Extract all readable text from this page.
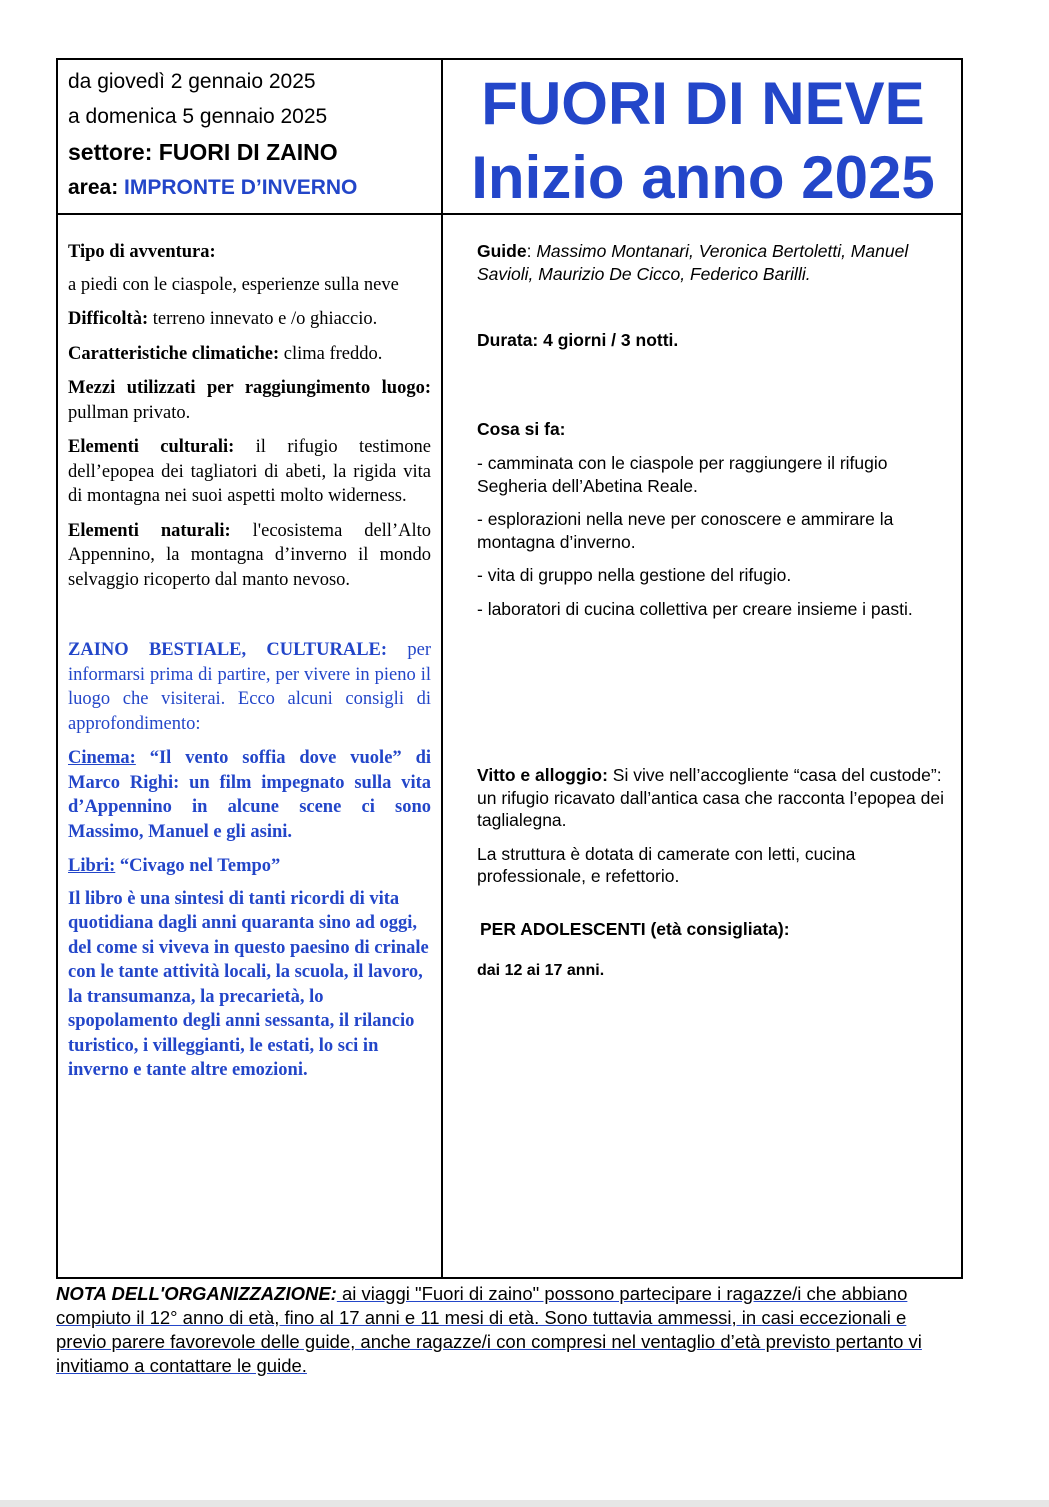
da giovedì 2 gennaio 2025
a domenica 5 gennaio 2025
settore: FUORI DI ZAINO
area: IMPRONTE D’INVERNO
FUORI DI NEVE
Inizio anno 2025

Tipo di avventura:

a piedi con le ciaspole, esperienze sulla neve

Difficoltà: terreno innevato e /o ghiaccio.

Caratteristiche climatiche: clima freddo.

Mezzi utilizzati per raggiungimento luogo: pullman privato.

Elementi culturali: il rifugio testimone dell’epopea dei tagliatori di abeti, la rigida vita di montagna nei suoi aspetti molto widerness.

Elementi naturali: l'ecosistema dell’Alto Appennino, la montagna d’inverno il mondo selvaggio ricoperto dal manto nevoso.

ZAINO BESTIALE, CULTURALE: per informarsi prima di partire, per vivere in pieno il luogo che visiterai. Ecco alcuni consigli di approfondimento:

Cinema: “Il vento soffia dove vuole” di Marco Righi: un film impegnato sulla vita d’Appennino in alcune scene ci sono Massimo, Manuel e gli asini.

Libri: “Civago nel Tempo”

Il libro è una sintesi di tanti ricordi di vita quotidiana dagli anni quaranta sino ad oggi, del come si viveva in questo paesino di crinale con le tante attività locali, la scuola, il lavoro, la transumanza, la precarietà, lo spopolamento degli anni sessanta, il rilancio turistico, i villeggianti, le estati, lo sci in inverno e tante altre emozioni.

Guide: Massimo Montanari, Veronica Bertoletti, Manuel Savioli, Maurizio De Cicco, Federico Barilli.

Durata: 4 giorni / 3 notti.

Cosa si fa:

- camminata con le ciaspole per raggiungere il rifugio Segheria dell’Abetina Reale.

- esplorazioni nella neve per conoscere e ammirare la montagna d’inverno.

- vita di gruppo nella gestione del rifugio.

- laboratori di cucina collettiva per creare insieme i pasti.

Vitto e alloggio: Si vive nell’accogliente “casa del custode”: un rifugio ricavato dall’antica casa che racconta l’epopea dei taglialegna.

La struttura è dotata di camerate con letti, cucina professionale, e refettorio.

PER ADOLESCENTI (età consigliata):

dai 12 ai 17 anni.

NOTA DELL'ORGANIZZAZIONE: ai viaggi "Fuori di zaino" possono partecipare i ragazze/i che abbiano compiuto il 12° anno di età, fino al 17 anni e 11 mesi di età. Sono tuttavia ammessi, in casi eccezionali e previo parere favorevole delle guide, anche ragazze/i con compresi nel ventaglio d’età previsto pertanto vi invitiamo a contattare le guide.
